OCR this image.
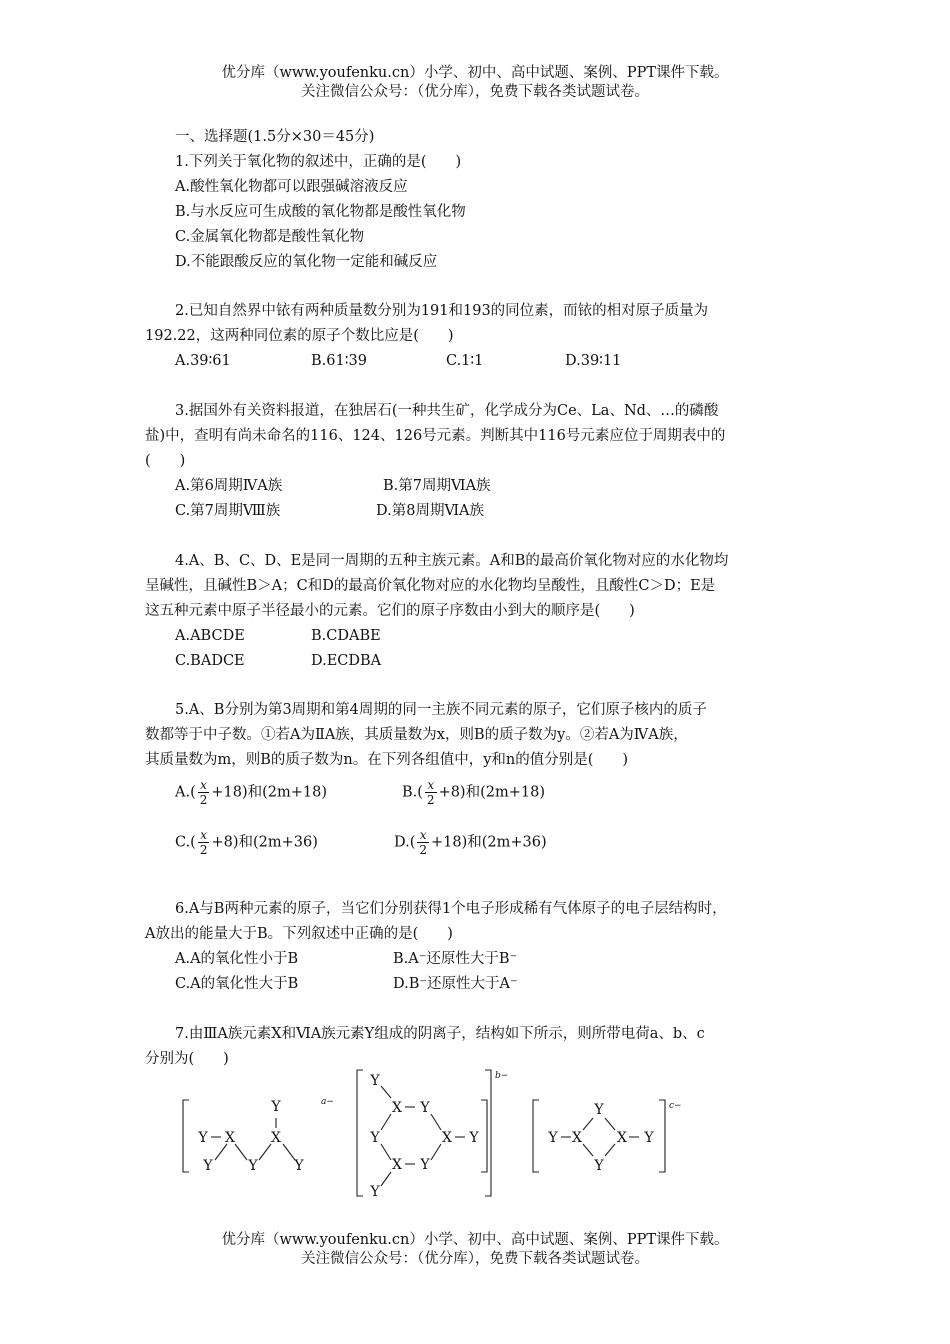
优分库（www.youfenku.cn）小学、初中、高中试题、案例、PPT课件下载。
关注微信公众号：（优分库），免费下载各类试题试卷。
一、选择题(1.5分×30＝45分)
1.下列关于氧化物的叙述中，正确的是(　　)
A.酸性氧化物都可以跟强碱溶液反应
B.与水反应可生成酸的氧化物都是酸性氧化物
C.金属氧化物都是酸性氧化物
D.不能跟酸反应的氧化物一定能和碱反应
2.已知自然界中铱有两种质量数分别为191和193的同位素，而铱的相对原子质量为
192.22，这两种同位素的原子个数比应是(　　)
A.39∶61	B.61∶39	C.1∶1	D.39∶11
3.据国外有关资料报道，在独居石(一种共生矿，化学成分为Ce、La、Nd、…的磷酸
盐)中，查明有尚未命名的116、124、126号元素。判断其中116号元素应位于周期表中的
(　　)
A.第6周期ⅣA族	B.第7周期ⅥA族
C.第7周期Ⅷ族	D.第8周期ⅥA族
4.A、B、C、D、E是同一周期的五种主族元素。A和B的最高价氧化物对应的水化物均
呈碱性，且碱性B＞A；C和D的最高价氧化物对应的水化物均呈酸性，且酸性C＞D；E是
这五种元素中原子半径最小的元素。它们的原子序数由小到大的顺序是(　　)
A.ABCDE	B.CDABE
C.BADCE	D.ECDBA
5.A、B分别为第3周期和第4周期的同一主族不同元素的原子，它们原子核内的质子
数都等于中子数。①若A为ⅡA族，其质量数为x，则B的质子数为y。②若A为ⅣA族，
其质量数为m，则B的质子数为n。在下列各组值中，y和n的值分别是(　　)
$A.( \frac{x}{2} +18)$和(2m+18)	$B.( \frac{x}{2} +8)$和(2m+18)
$C.( \frac{x}{2} +8)$和(2m+36)	$D.( \frac{x}{2} +18)$和(2m+36)
6.A与B两种元素的原子，当它们分别获得1个电子形成稀有气体原子的电子层结构时，
A放出的能量大于B。下列叙述中正确的是(　　)
A.A的氧化性小于B	B.A⁻还原性大于B⁻
C.A的氧化性大于B	D.B⁻还原性大于A⁻
7.由ⅢA族元素X和ⅥA族元素Y组成的阴离子，结构如下所示，则所带电荷a、b、c
分别为(　　)
Y X
Y
X
Y	Y	Y
Y
X Y
Y	X Y
X Y
Y
Y X
Y
X Y
Y
a−
b−
c−
优分库（www.youfenku.cn）小学、初中、高中试题、案例、PPT课件下载。
关注微信公众号：（优分库），免费下载各类试题试卷。
